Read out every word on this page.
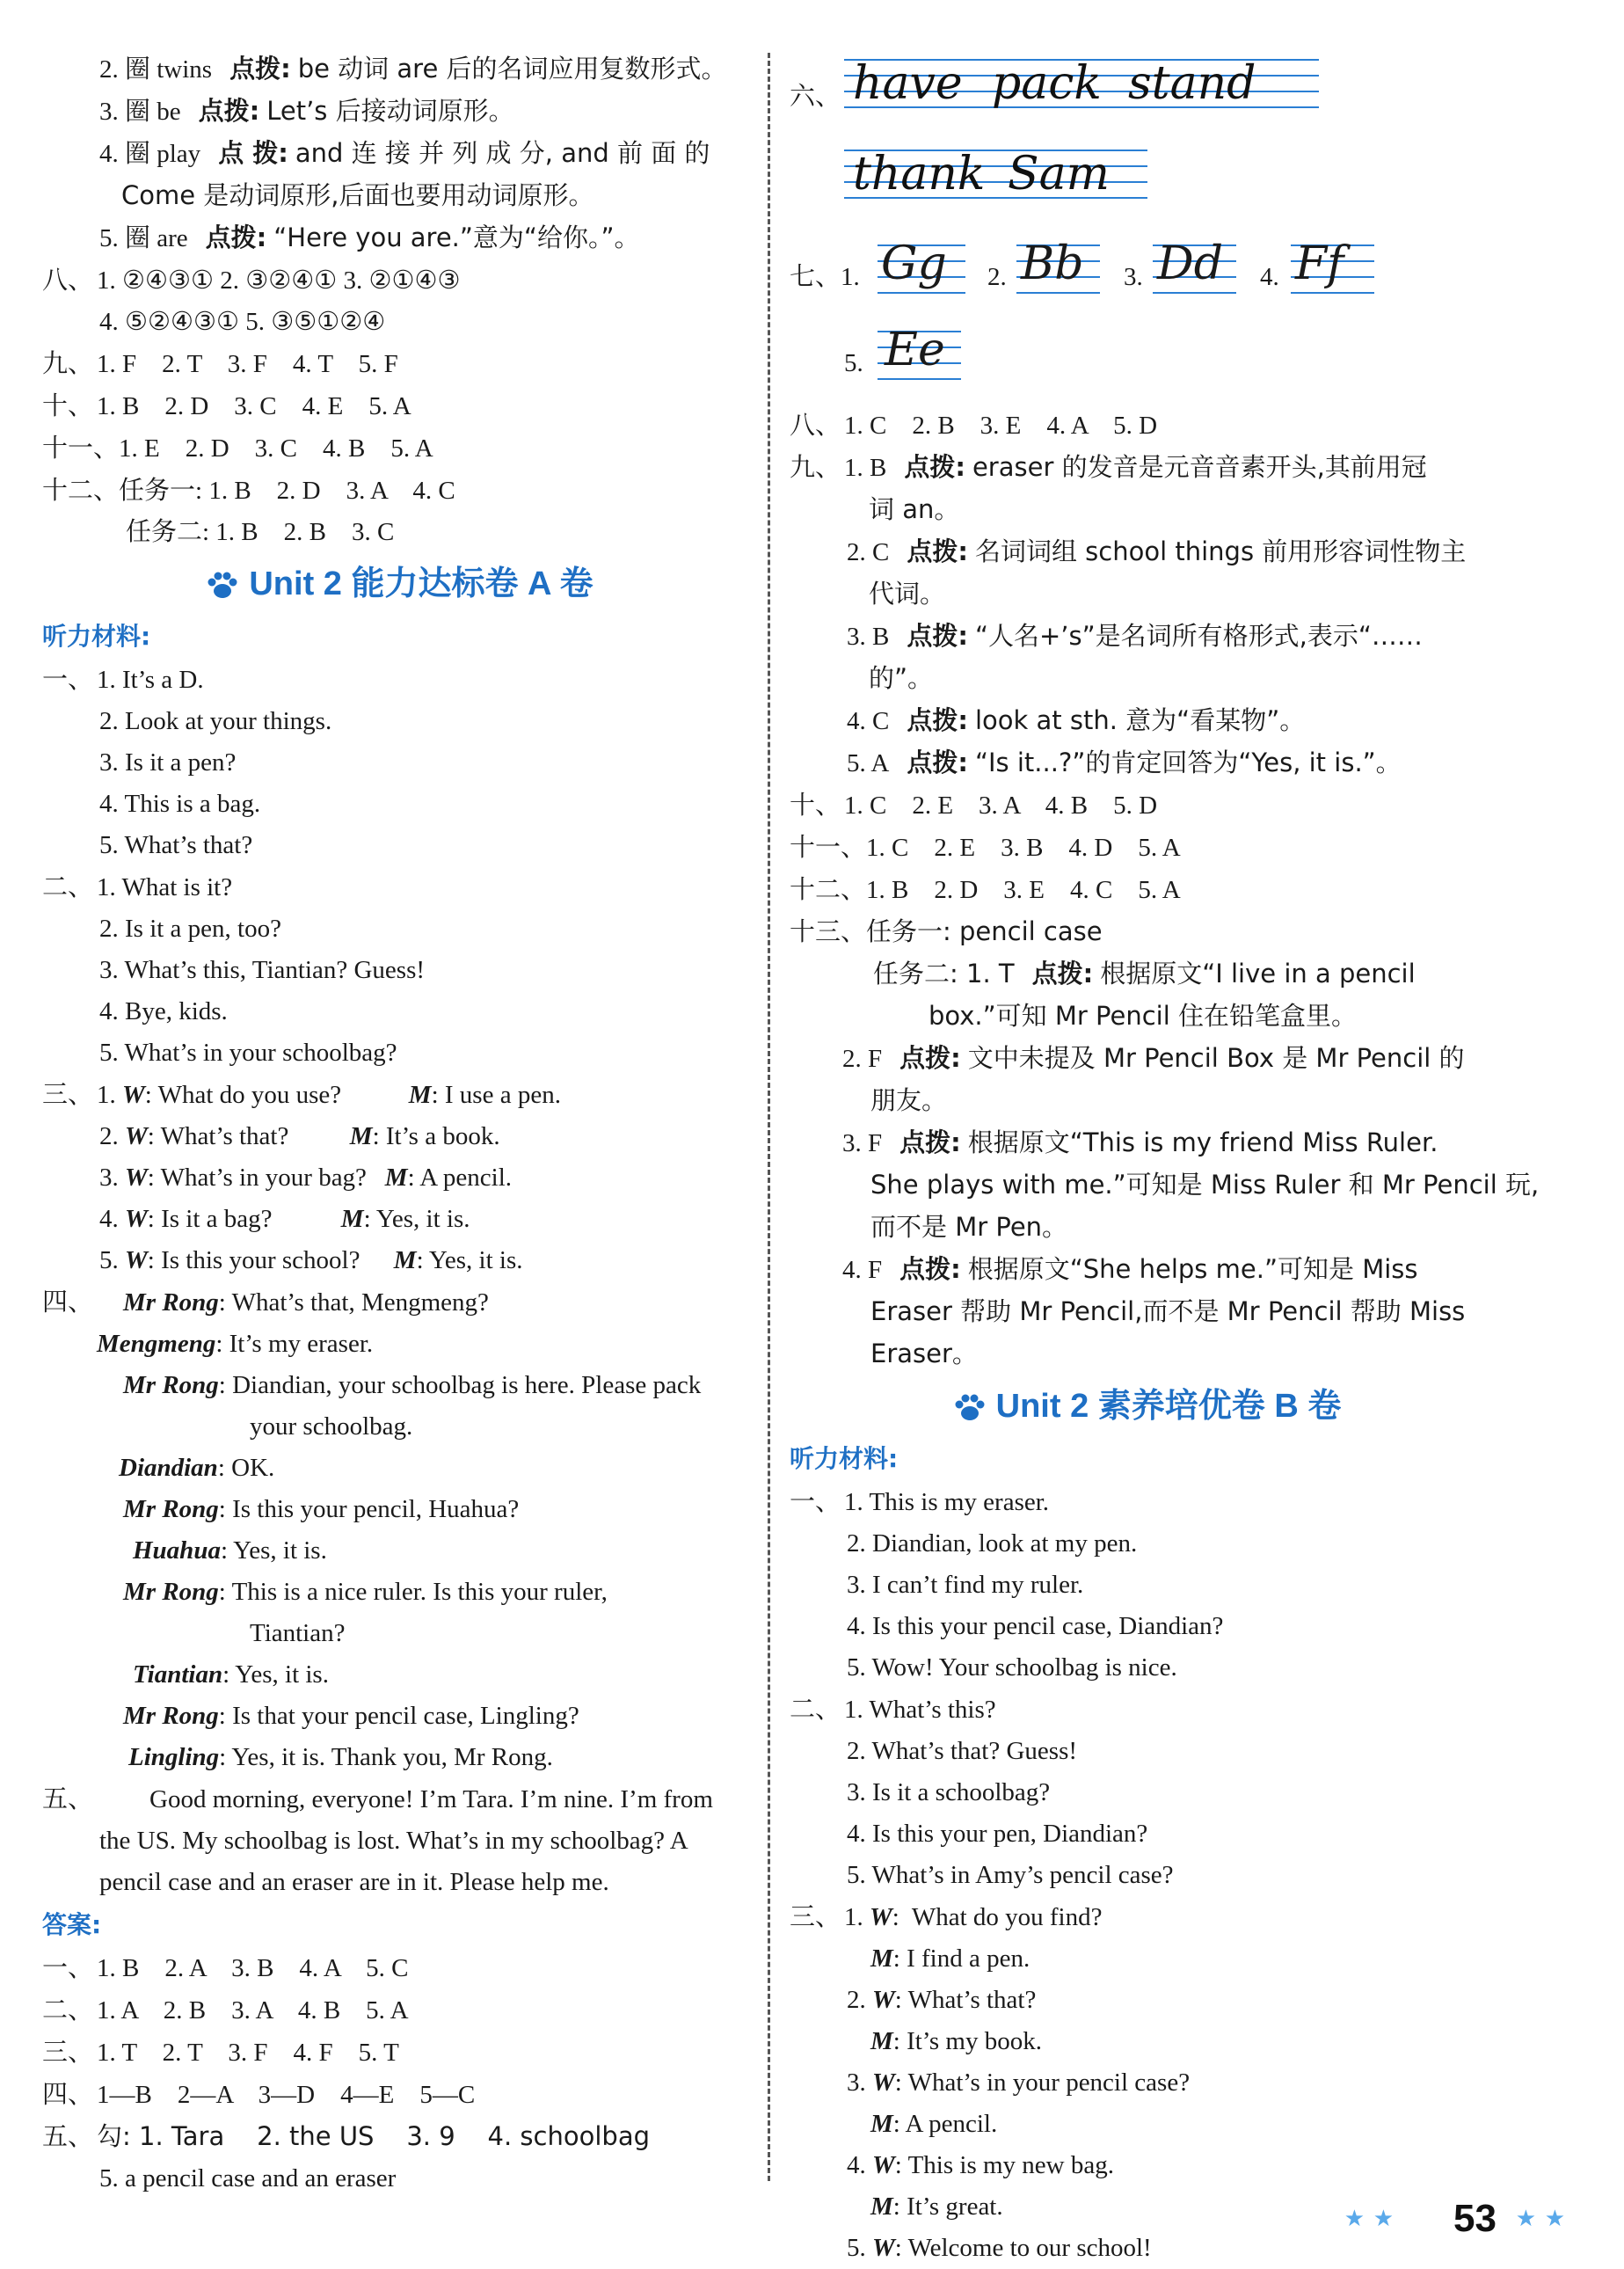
2. 圈 twins 点拨: be 动词 are 后的名词应用复数形式。
3. 圈 be 点拨: Let’s 后接动词原形。
4. 圈 play 点 拨: and 连 接 并 列 成 分, and 前 面 的
Come 是动词原形,后面也要用动词原形。
5. 圈 are 点拨: “Here you are.”意为“给你。”。
八、 1. ②④③① 2. ③②④① 3. ②①④③
4. ⑤②④③① 5. ③⑤①②④
九、 1. F    2. T    3. F    4. T    5. F
十、 1. B    2. D    3. C    4. E    5. A
十一、1. E    2. D    3. C    4. B    5. A
十二、任务一: 1. B    2. D    3. A    4. C
任务二: 1. B    2. B    3. C
Unit 2 能力达标卷 A 卷
听力材料:
一、 1. It’s a D.
2. Look at your things.
3. Is it a pen?
4. This is a bag.
5. What’s that?
二、 1. What is it?
2. Is it a pen, too?
3. What’s this, Tiantian? Guess!
4. Bye, kids.
5. What’s in your schoolbag?
三、 1. W: What do you use?	M: I use a pen.
2. W: What’s that? M: It’s a book.
3. W: What’s in your bag? M: A pencil.
4. W: Is it a bag?	M: Yes, it is.
5. W: Is this your school? M: Yes, it is.
四、 Mr Rong: What’s that, Mengmeng?
Mengmeng: It’s my eraser.
Mr Rong: Diandian, your schoolbag is here. Please pack
your schoolbag.
Diandian: OK.
Mr Rong: Is this your pencil, Huahua?
Huahua: Yes, it is.
Mr Rong: This is a nice ruler. Is this your ruler,
Tiantian?
Tiantian: Yes, it is.
Mr Rong: Is that your pencil case, Lingling?
Lingling: Yes, it is. Thank you, Mr Rong.
五、 Good morning, everyone! I’m Tara. I’m nine. I’m from
the US. My schoolbag is lost. What’s in my schoolbag? A
pencil case and an eraser are in it. Please help me.
答案:
一、 1. B    2. A    3. B    4. A    5. C
二、 1. A    2. B    3. A    4. B    5. A
三、 1. T    2. T    3. F    4. F    5. T
四、 1—B    2—A    3—D    4—E    5—C
五、 勾: 1. Tara    2. the US    3. 9    4. schoolbag
5. a pencil case and an eraser
六、 have pack stand
thank Sam
七、1. Gg 2. Bb 3. Dd 4. Ff
5. Ee
八、 1. C    2. B    3. E    4. A    5. D
九、 1. B 点拨: eraser 的发音是元音音素开头,其前用冠
词 an。
2. C 点拨: 名词词组 school things 前用形容词性物主
代词。
3. B 点拨: “人名+’s”是名词所有格形式,表示“……
的”。
4. C 点拨: look at sth. 意为“看某物”。
5. A 点拨: “Is it...?”的肯定回答为“Yes, it is.”。
十、 1. C    2. E    3. A    4. B    5. D
十一、1. C    2. E    3. B    4. D    5. A
十二、1. B    2. D    3. E    4. C    5. A
十三、任务一: pencil case
任务二: 1. T 点拨: 根据原文“I live in a pencil
box.”可知 Mr Pencil 住在铅笔盒里。
2. F 点拨: 文中未提及 Mr Pencil Box 是 Mr Pencil 的
朋友。
3. F 点拨: 根据原文“This is my friend Miss Ruler.
She plays with me.”可知是 Miss Ruler 和 Mr Pencil 玩,
而不是 Mr Pen。
4. F 点拨: 根据原文“She helps me.”可知是 Miss
Eraser 帮助 Mr Pencil,而不是 Mr Pencil 帮助 Miss
Eraser。
Unit 2 素养培优卷 B 卷
听力材料:
一、 1. This is my eraser.
2. Diandian, look at my pen.
3. I can’t find my ruler.
4. Is this your pencil case, Diandian?
5. Wow! Your schoolbag is nice.
二、 1. What’s this?
2. What’s that? Guess!
3. Is it a schoolbag?
4. Is this your pen, Diandian?
5. What’s in Amy’s pencil case?
三、 1. W:  What do you find?
M: I find a pen.
2. W: What’s that?
M: It’s my book.
3. W: What’s in your pencil case?
M: A pencil.
4. W: This is my new bag.
M: It’s great.
5. W: Welcome to our school!
★ ★ 53 ★ ★
